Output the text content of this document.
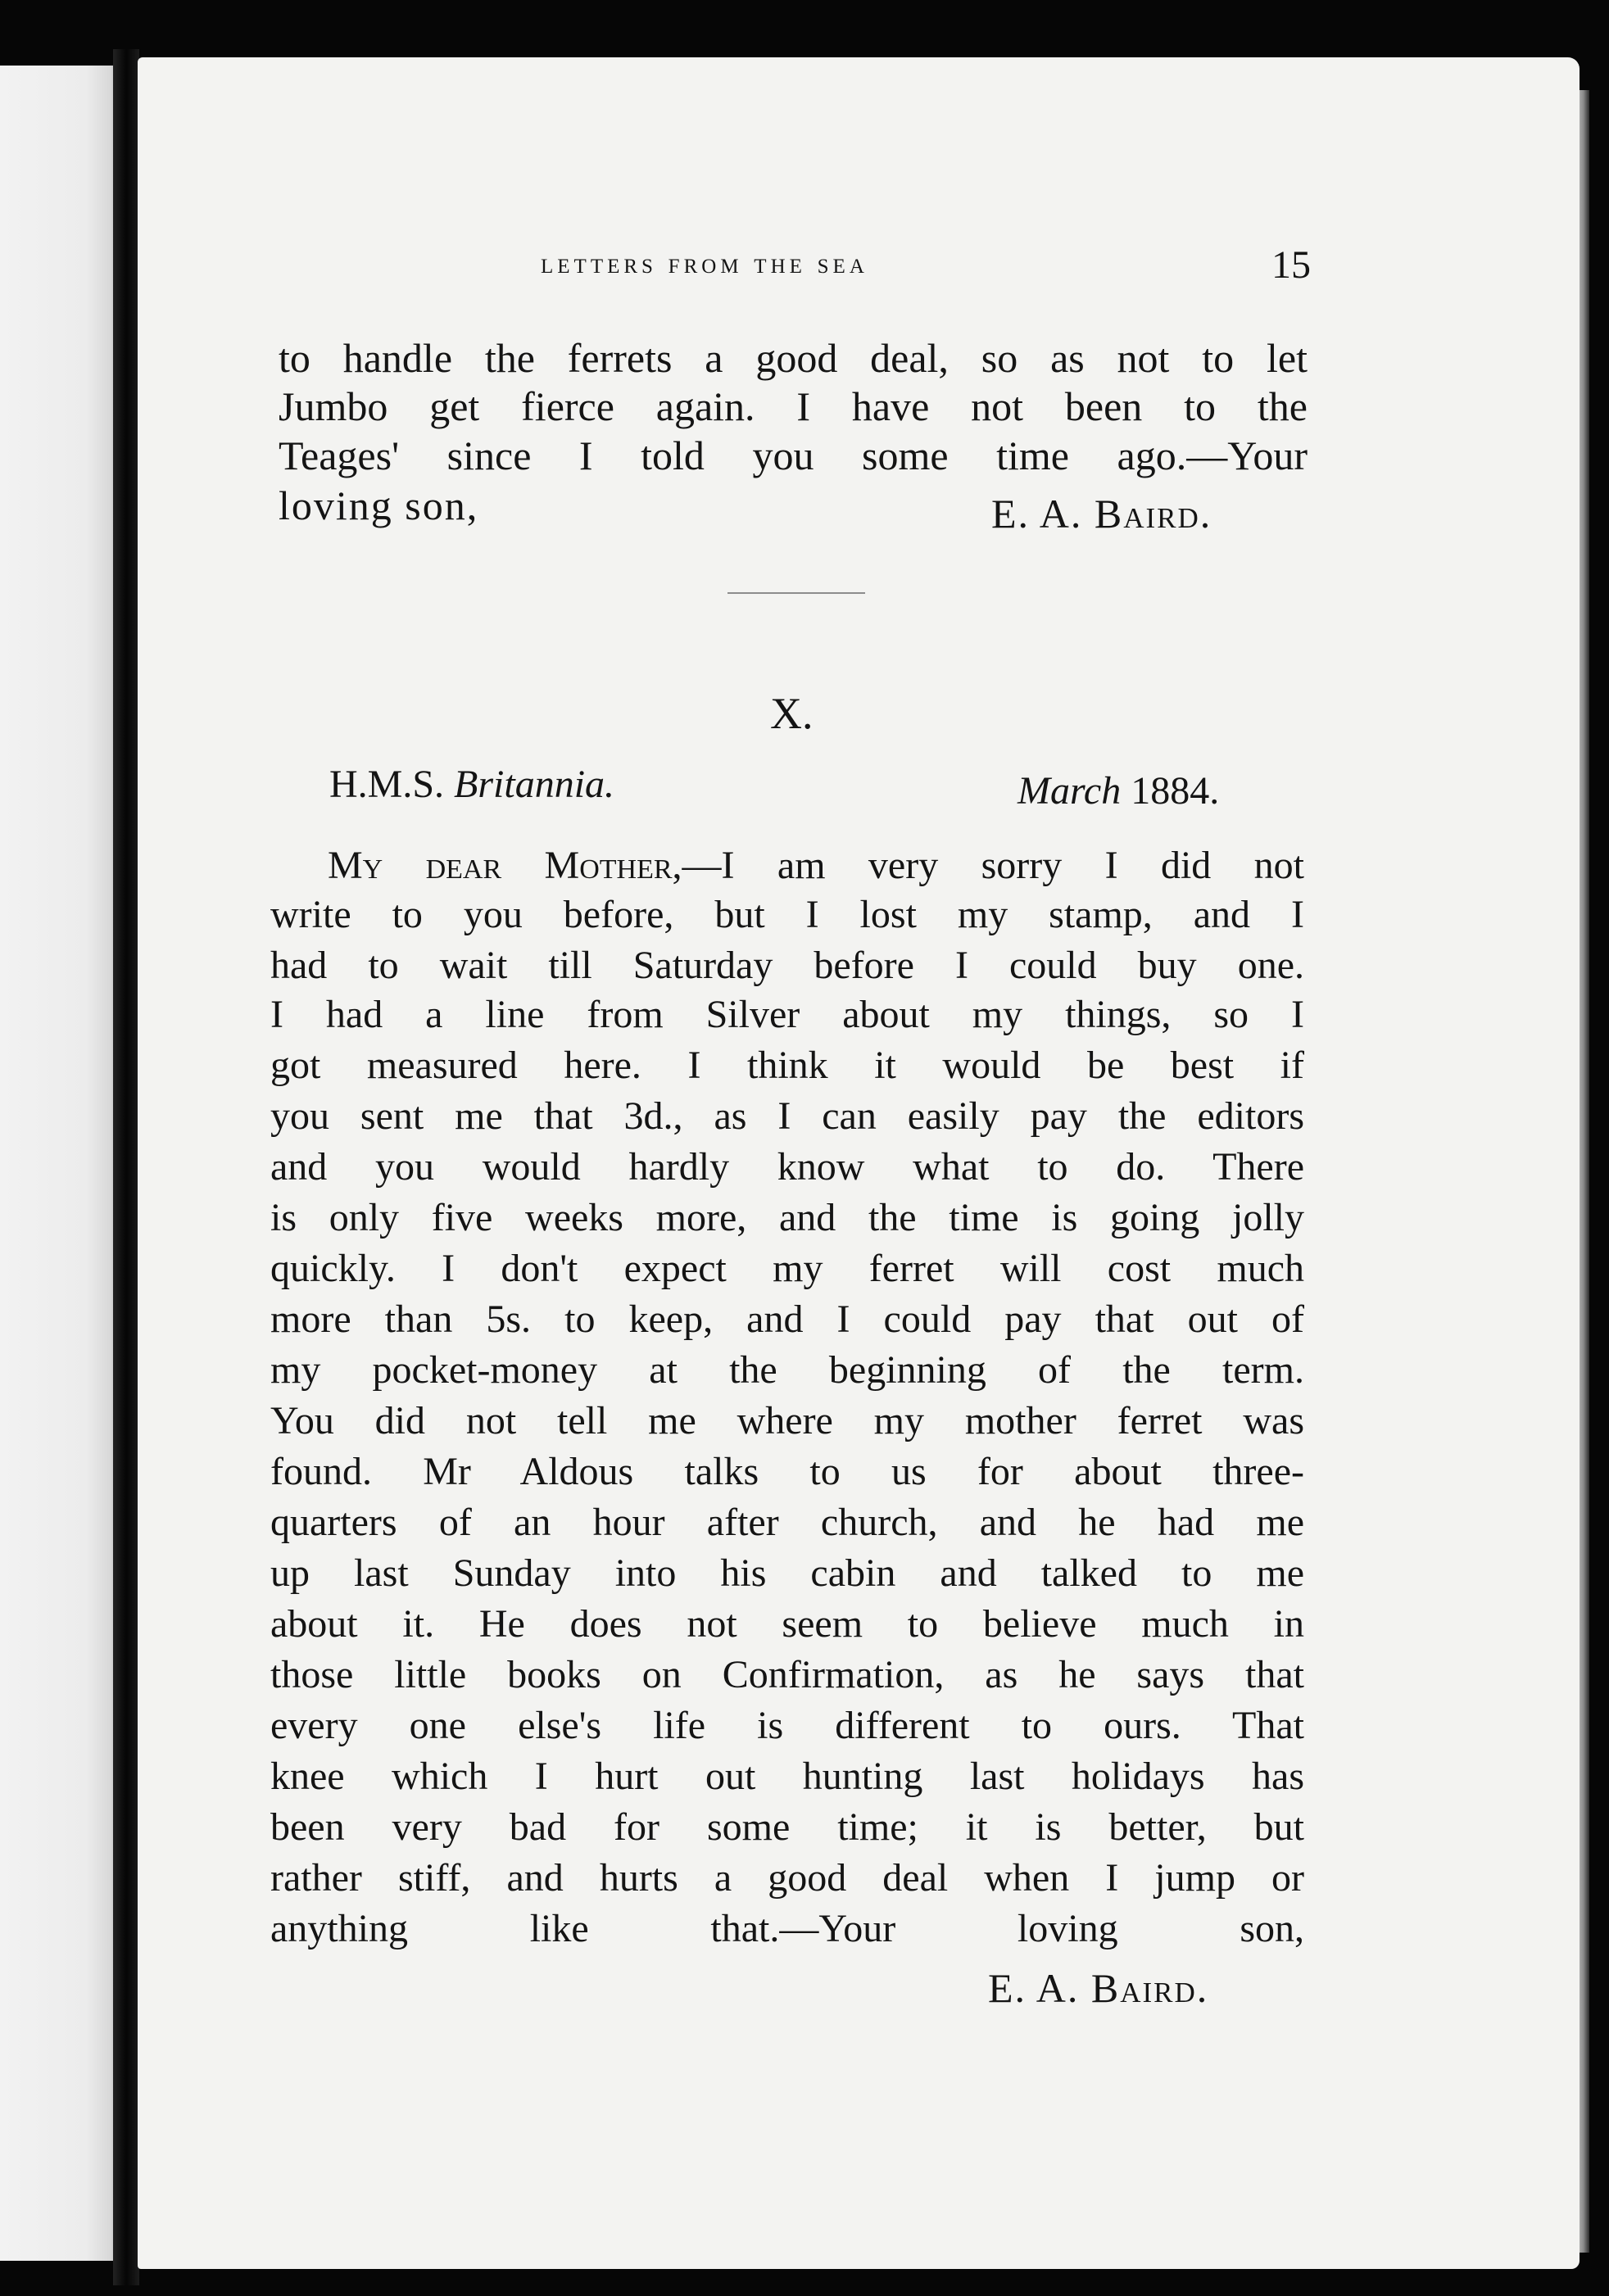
letters from the sea	15
to handle the ferrets a good deal, so as not to let
Jumbo get fierce again. I have not been to the
Teages' since I told you some time ago.—Your
loving son,	E. A. Baird.
X.
H.M.S. Britannia.	March 1884.
My dear Mother,—I am very sorry I did not
write to you before, but I lost my stamp, and I
had to wait till Saturday before I could buy one.
I had a line from Silver about my things, so I
got measured here. I think it would be best if
you sent me that 3d., as I can easily pay the editors
and you would hardly know what to do. There
is only five weeks more, and the time is going jolly
quickly. I don't expect my ferret will cost much
more than 5s. to keep, and I could pay that out of
my pocket-money at the beginning of the term.
You did not tell me where my mother ferret was
found. Mr Aldous talks to us for about three-
quarters of an hour after church, and he had me
up last Sunday into his cabin and talked to me
about it. He does not seem to believe much in
those little books on Confirmation, as he says that
every one else's life is different to ours. That
knee which I hurt out hunting last holidays has
been very bad for some time; it is better, but
rather stiff, and hurts a good deal when I jump or
anything like that.—Your loving son,
E. A. Baird.
